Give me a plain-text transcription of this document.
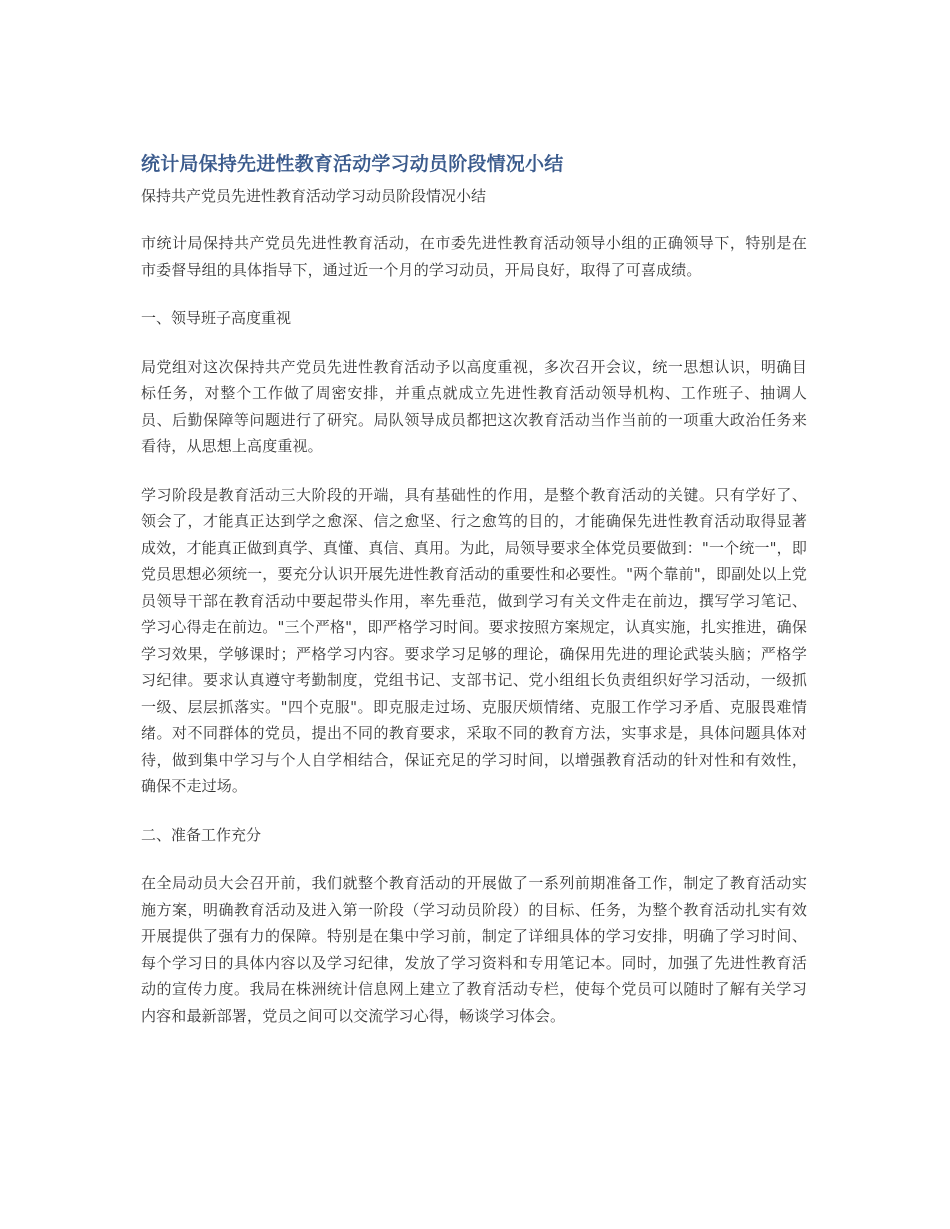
统计局保持先进性教育活动学习动员阶段情况小结

保持共产党员先进性教育活动学习动员阶段情况小结

市统计局保持共产党员先进性教育活动，在市委先进性教育活动领导小组的正确领导下，特别是在市委督导组的具体指导下，通过近一个月的学习动员，开局良好，取得了可喜成绩。

一、领导班子高度重视

局党组对这次保持共产党员先进性教育活动予以高度重视，多次召开会议，统一思想认识，明确目标任务，对整个工作做了周密安排，并重点就成立先进性教育活动领导机构、工作班子、抽调人员、后勤保障等问题进行了研究。局队领导成员都把这次教育活动当作当前的一项重大政治任务来看待，从思想上高度重视。

学习阶段是教育活动三大阶段的开端，具有基础性的作用，是整个教育活动的关键。只有学好了、领会了，才能真正达到学之愈深、信之愈坚、行之愈笃的目的，才能确保先进性教育活动取得显著成效，才能真正做到真学、真懂、真信、真用。为此，局领导要求全体党员要做到："一个统一"，即党员思想必须统一，要充分认识开展先进性教育活动的重要性和必要性。"两个靠前"，即副处以上党员领导干部在教育活动中要起带头作用，率先垂范，做到学习有关文件走在前边，撰写学习笔记、学习心得走在前边。"三个严格"，即严格学习时间。要求按照方案规定，认真实施，扎实推进，确保学习效果，学够课时；严格学习内容。要求学习足够的理论，确保用先进的理论武装头脑；严格学习纪律。要求认真遵守考勤制度，党组书记、支部书记、党小组组长负责组织好学习活动，一级抓一级、层层抓落实。"四个克服"。即克服走过场、克服厌烦情绪、克服工作学习矛盾、克服畏难情绪。对不同群体的党员，提出不同的教育要求，采取不同的教育方法，实事求是，具体问题具体对待，做到集中学习与个人自学相结合，保证充足的学习时间，以增强教育活动的针对性和有效性，确保不走过场。

二、准备工作充分

在全局动员大会召开前，我们就整个教育活动的开展做了一系列前期准备工作，制定了教育活动实施方案，明确教育活动及进入第一阶段（学习动员阶段）的目标、任务，为整个教育活动扎实有效开展提供了强有力的保障。特别是在集中学习前，制定了详细具体的学习安排，明确了学习时间、每个学习日的具体内容以及学习纪律，发放了学习资料和专用笔记本。同时，加强了先进性教育活动的宣传力度。我局在株洲统计信息网上建立了教育活动专栏，使每个党员可以随时了解有关学习内容和最新部署，党员之间可以交流学习心得，畅谈学习体会。
